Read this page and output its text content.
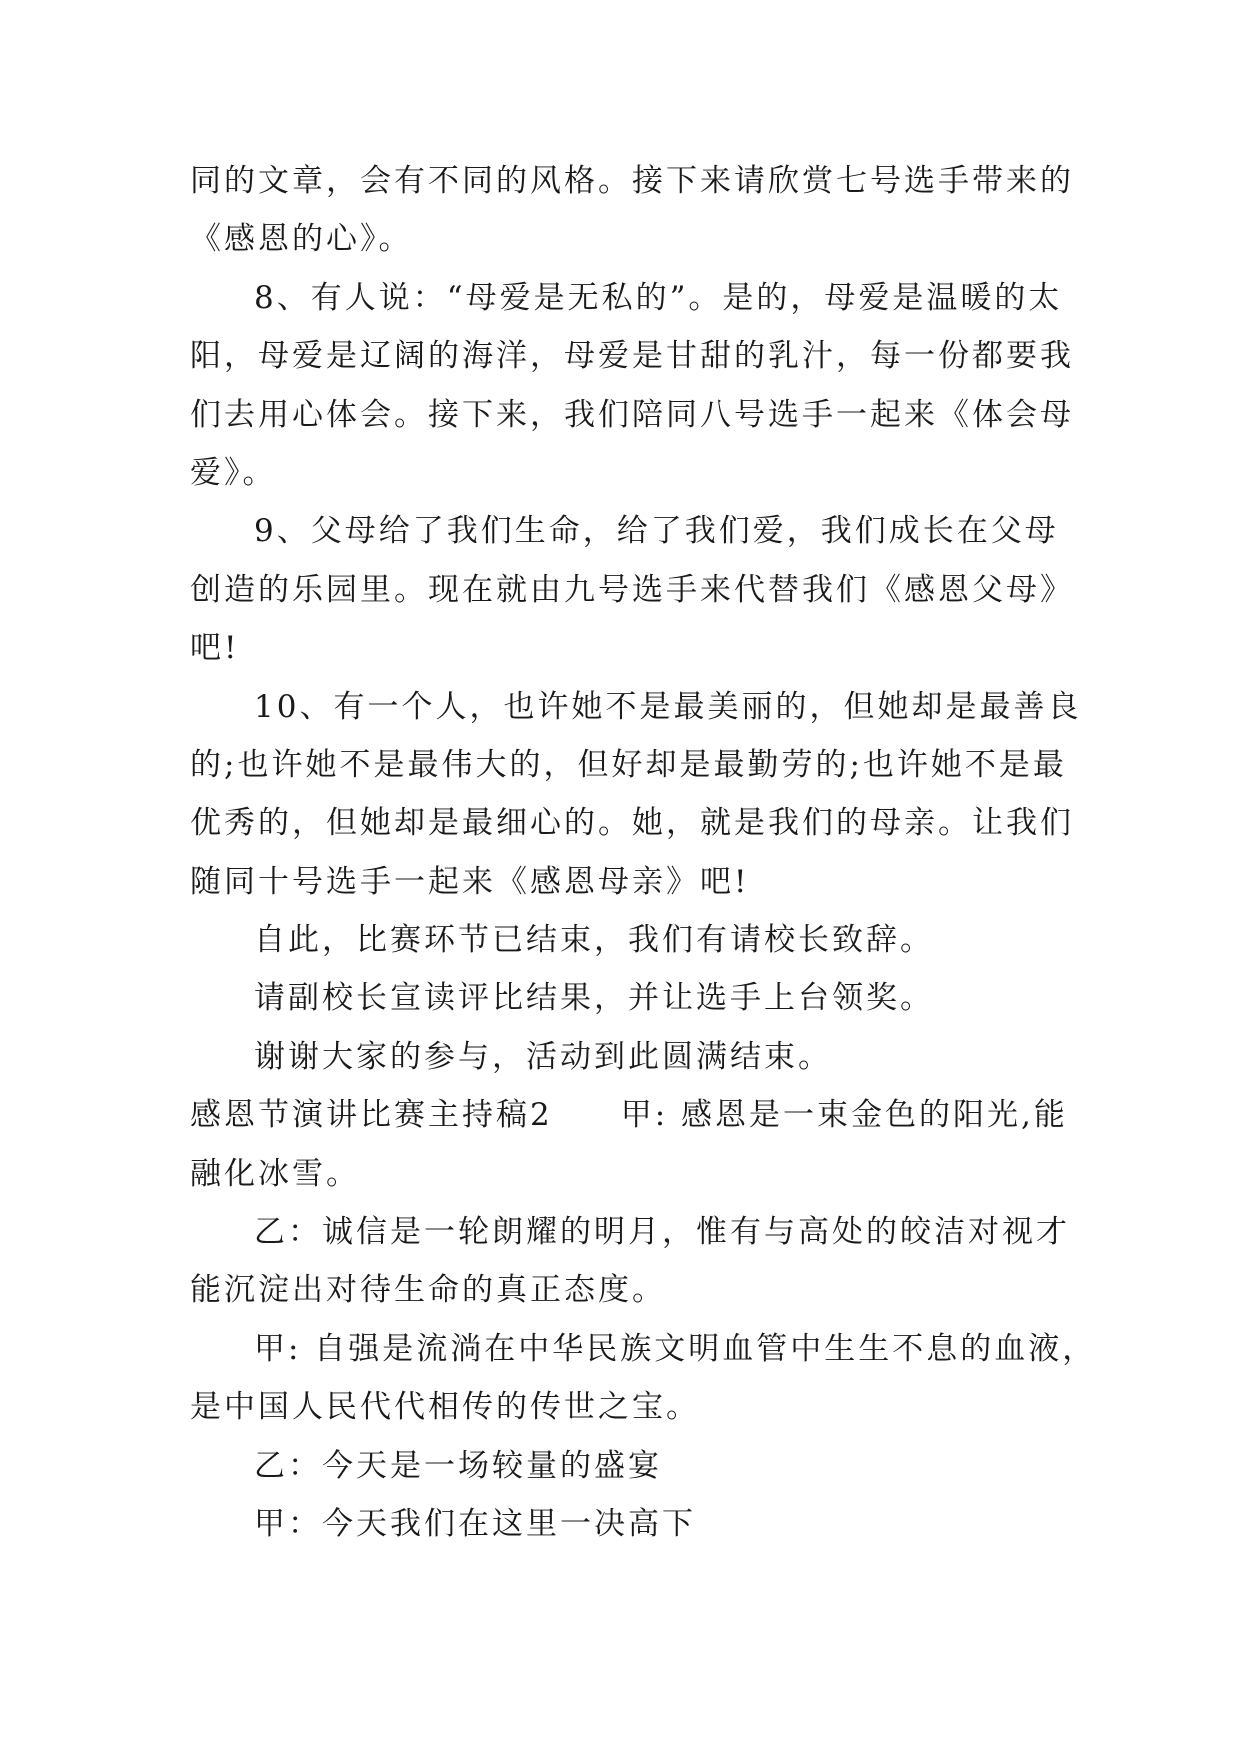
同的文章，会有不同的风格。接下来请欣赏七号选手带来的
《感恩的心》。
8、有人说：“母爱是无私的”。是的，母爱是温暖的太
阳，母爱是辽阔的海洋，母爱是甘甜的乳汁，每一份都要我
们去用心体会。接下来，我们陪同八号选手一起来《体会母
爱》。
9、父母给了我们生命，给了我们爱，我们成长在父母
创造的乐园里。现在就由九号选手来代替我们《感恩父母》
吧!
10、有一个人，也许她不是最美丽的，但她却是最善良
的;也许她不是最伟大的，但好却是最勤劳的;也许她不是最
优秀的，但她却是最细心的。她，就是我们的母亲。让我们
随同十号选手一起来《感恩母亲》吧!
自此，比赛环节已结束，我们有请校长致辞。
请副校长宣读评比结果，并让选手上台领奖。
谢谢大家的参与，活动到此圆满结束。
感恩节演讲比赛主持稿2　　甲: 感恩是一束金色的阳光,能
融化冰雪。
乙：诚信是一轮朗耀的明月，惟有与高处的皎洁对视才
能沉淀出对待生命的真正态度。
甲: 自强是流淌在中华民族文明血管中生生不息的血液，
是中国人民代代相传的传世之宝。
乙：今天是一场较量的盛宴
甲：今天我们在这里一决高下
